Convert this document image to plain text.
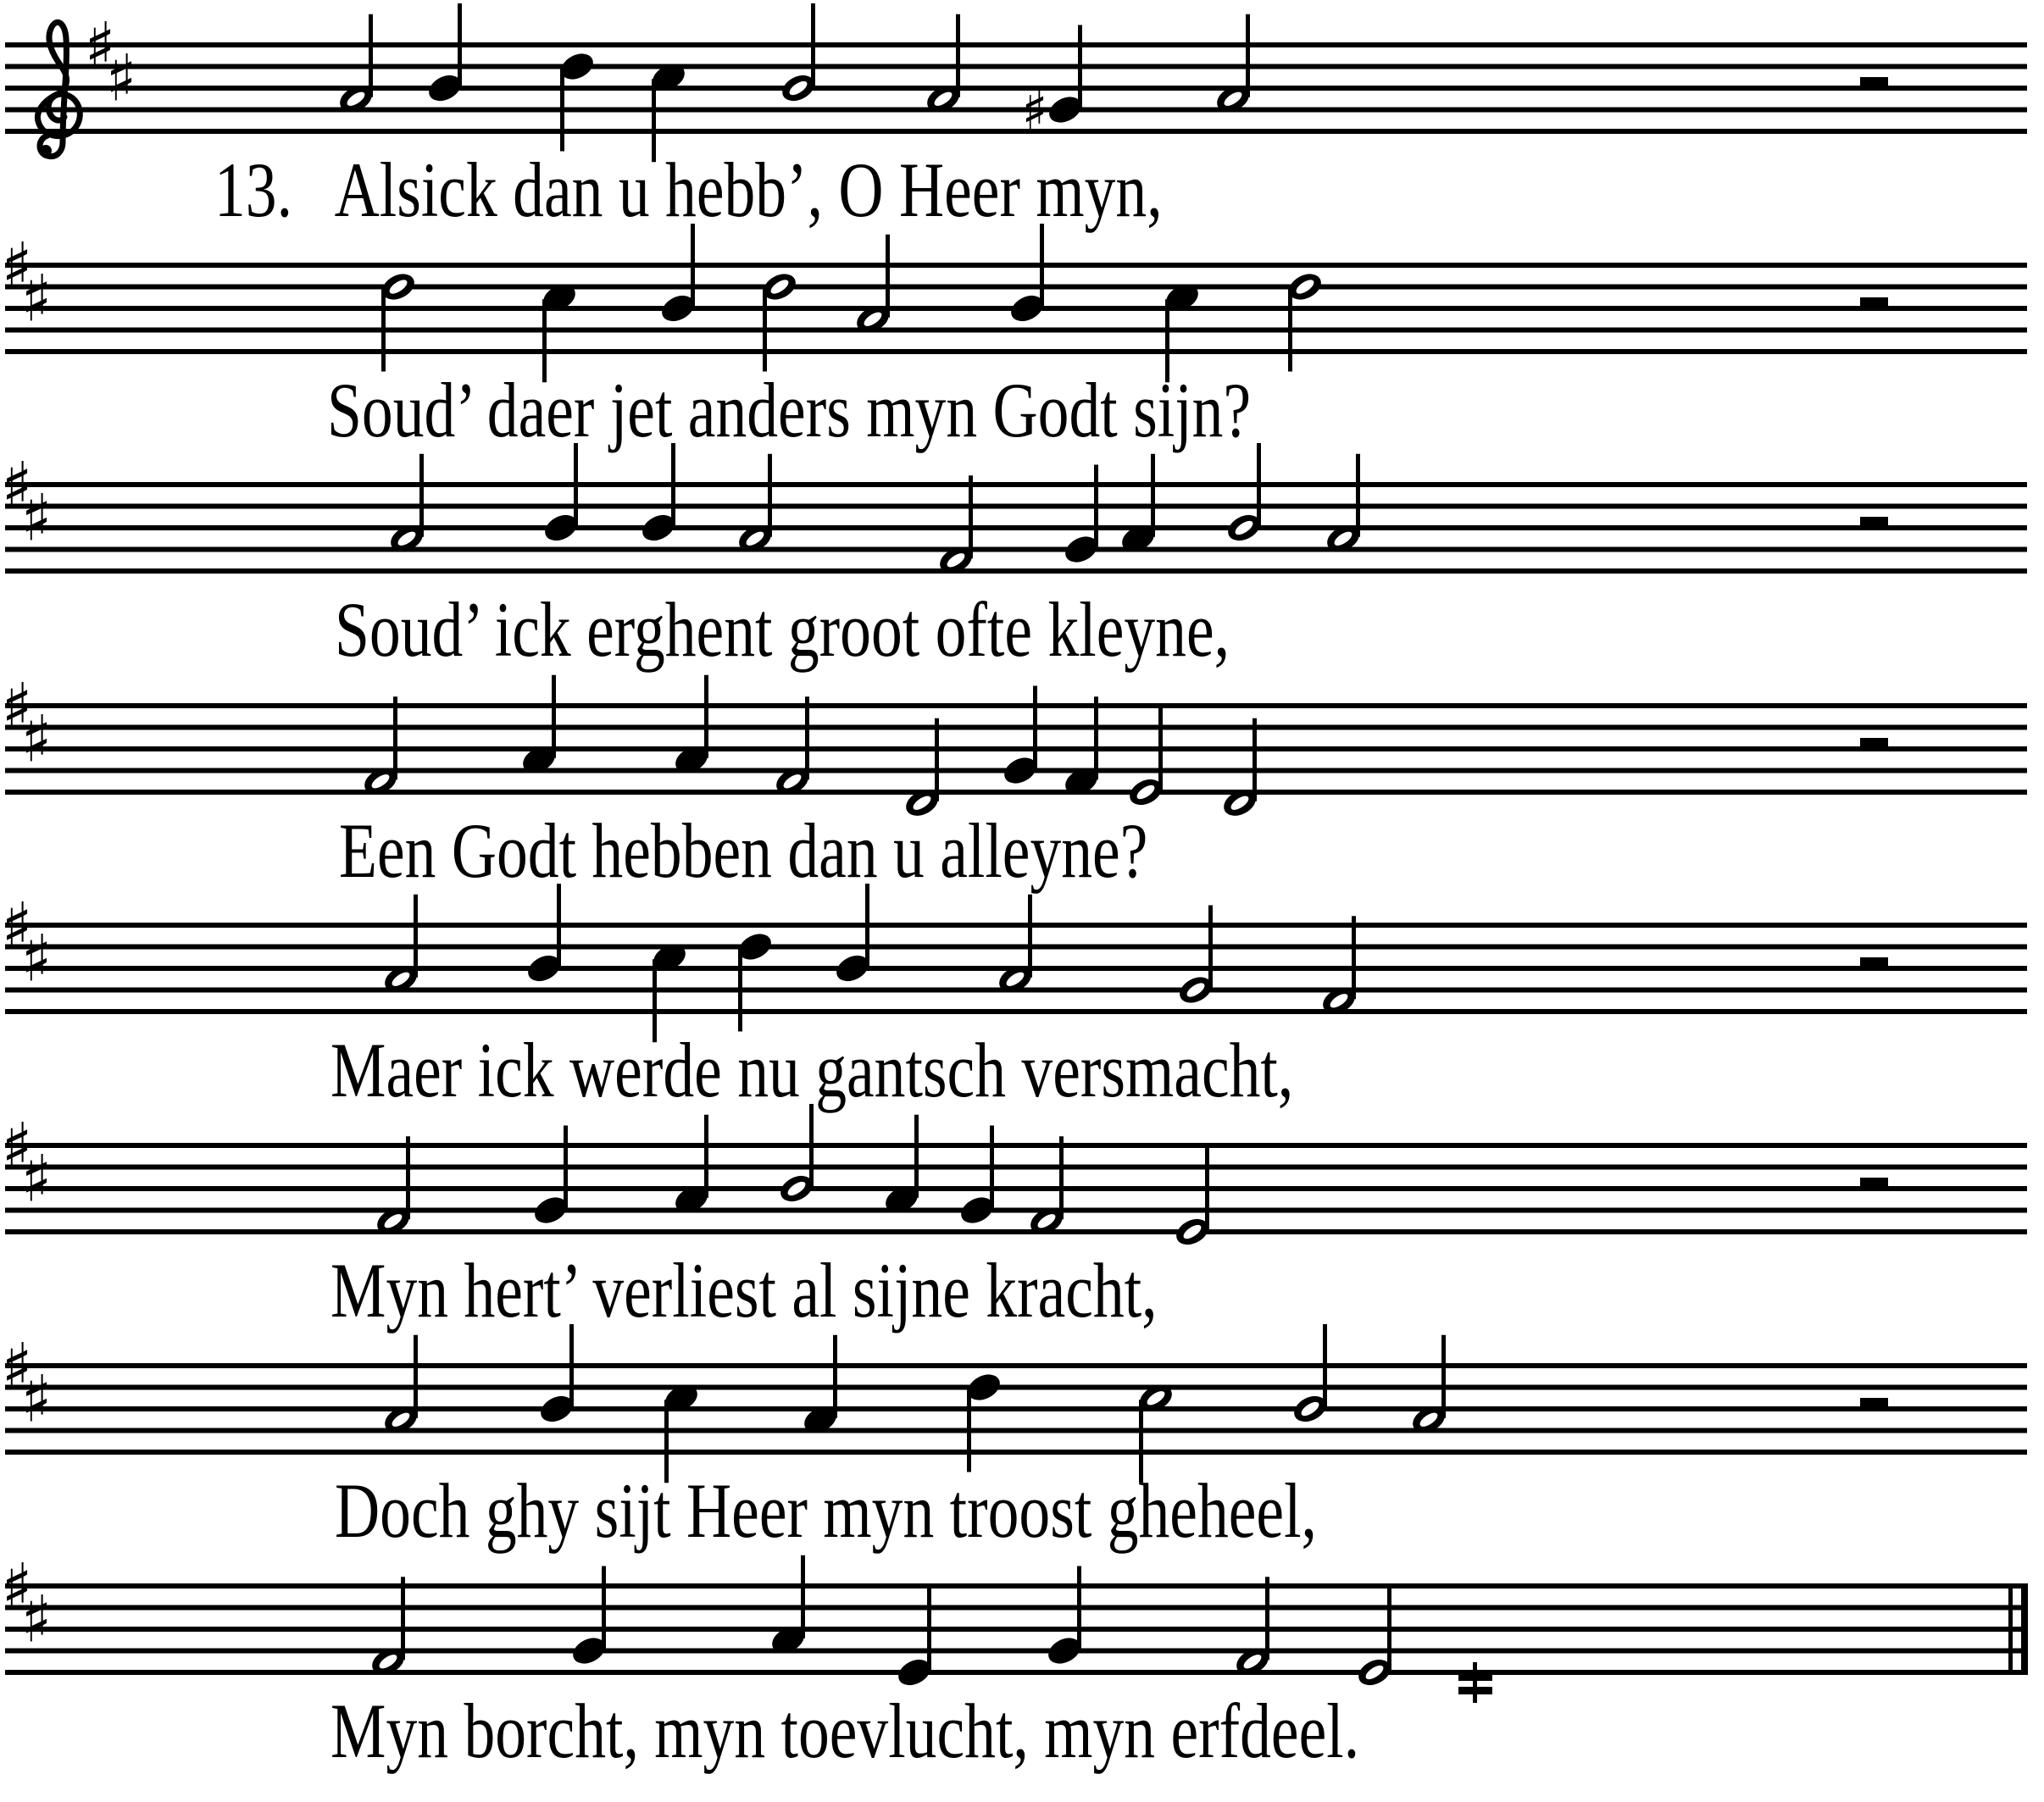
♯
♯	♯
♯
♯
♯
♯
♯
♯
♯
♯
♯
♯
♯
♯
♯
♯
13. Alsick dan u hebb’, O Heer myn,
Soud’ daer jet anders myn Godt sijn?
Soud’ ick erghent groot ofte kleyne,
Een Godt hebben dan u alleyne?
Maer ick werde nu gantsch versmacht,
Myn hert’ verliest al sijne kracht,
Doch ghy sijt Heer myn troost gheheel,
Myn borcht, myn toevlucht, myn erfdeel.
